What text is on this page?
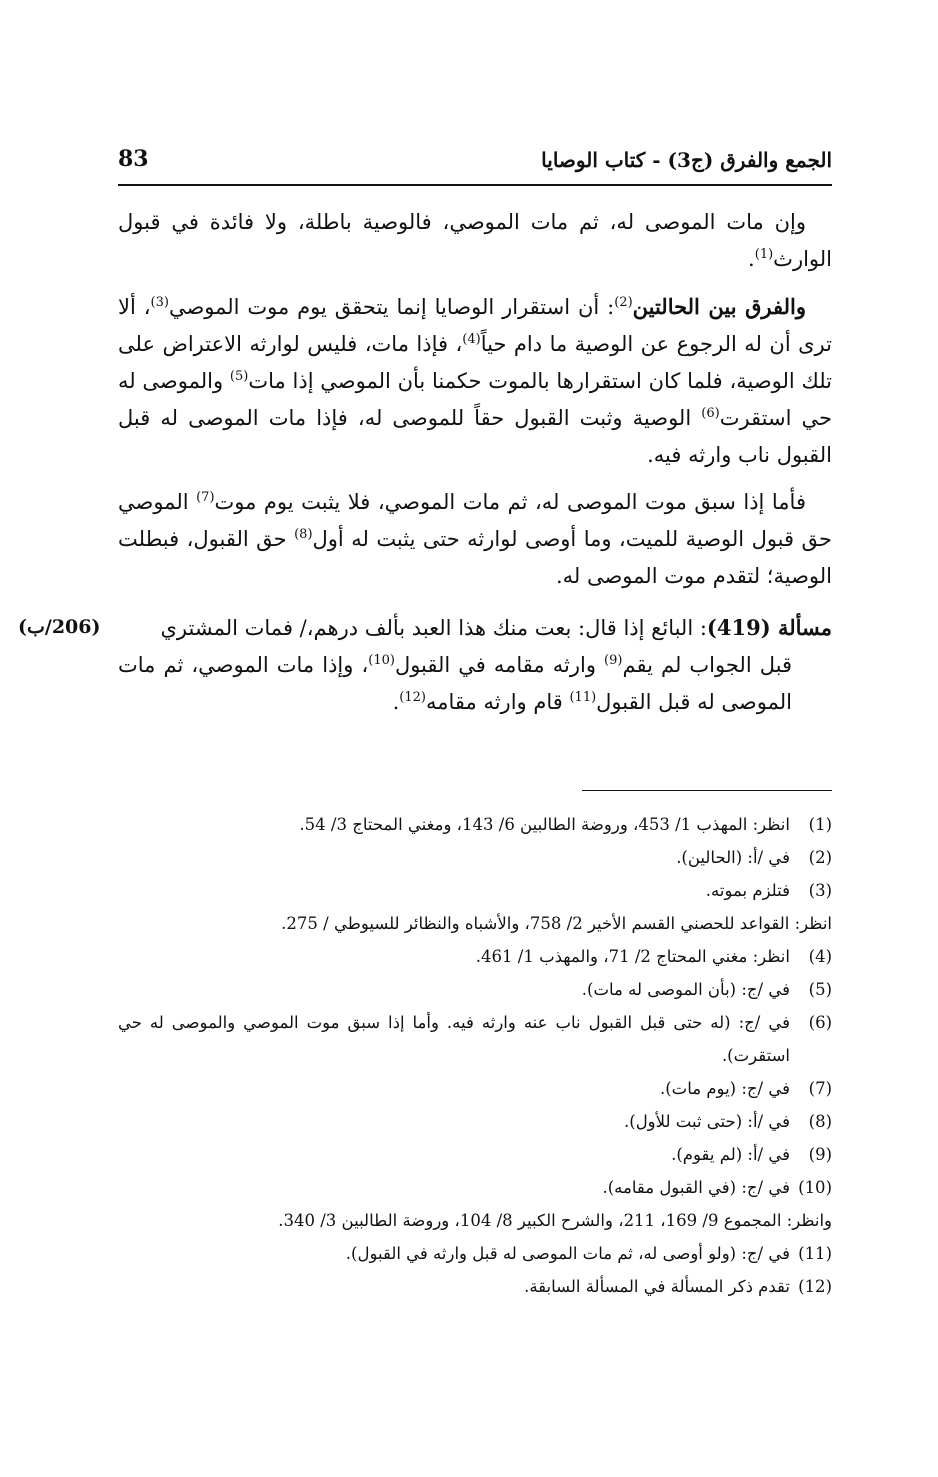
الجمع والفرق (ج3) - كتاب الوصايا
83

وإن مات الموصى له، ثم مات الموصي، فالوصية باطلة، ولا فائدة في قبول الوارث$^{(1)}$.

والفرق بين الحالتين$^{(2)}$: أن استقرار الوصايا إنما يتحقق يوم موت الموصي$^{(3)}$، ألا ترى أن له الرجوع عن الوصية ما دام حياً$^{(4)}$، فإذا مات، فليس لوارثه الاعتراض على تلك الوصية، فلما كان استقرارها بالموت حكمنا بأن الموصي إذا مات$^{(5)}$ والموصى له حي استقرت$^{(6)}$ الوصية وثبت القبول حقاً للموصى له، فإذا مات الموصى له قبل القبول ناب وارثه فيه.

فأما إذا سبق موت الموصى له، ثم مات الموصي، فلا يثبت يوم موت$^{(7)}$ الموصي حق قبول الوصية للميت، وما أوصى لوارثه حتى يثبت له أول$^{(8)}$ حق القبول، فبطلت الوصية؛ لتقدم موت الموصى له.

مسألة (419): البائع إذا قال: بعت منك هذا العبد بألف درهم،/ فمات المشتري

(206/ب)

قبل الجواب لم يقم$^{(9)}$ وارثه مقامه في القبول$^{(10)}$، وإذا مات الموصي، ثم مات الموصى له قبل القبول$^{(11)}$ قام وارثه مقامه$^{(12)}$.

(1)
انظر: المهذب 1/ 453، وروضة الطالبين 6/ 143، ومغني المحتاج 3/ 54.
(2)
في /أ: (الحالين).
(3)
فتلزم بموته.
انظر: القواعد للحصني القسم الأخير 2/ 758، والأشباه والنظائر للسيوطي / 275.
(4)
انظر: مغني المحتاج 2/ 71، والمهذب 1/ 461.
(5)
في /ج: (بأن الموصى له مات).
(6)
في /ج: (له حتى قبل القبول ناب عنه وارثه فيه. وأما إذا سبق موت الموصي والموصى له حي استقرت).
(7)
في /ج: (يوم مات).
(8)
في /أ: (حتى ثبت للأول).
(9)
في /أ: (لم يقوم).
(10)
في /ج: (في القبول مقامه).
وانظر: المجموع 9/ 169، 211، والشرح الكبير 8/ 104، وروضة الطالبين 3/ 340.
(11)
في /ج: (ولو أوصى له، ثم مات الموصى له قبل وارثه في القبول).
(12)
تقدم ذكر المسألة في المسألة السابقة.
